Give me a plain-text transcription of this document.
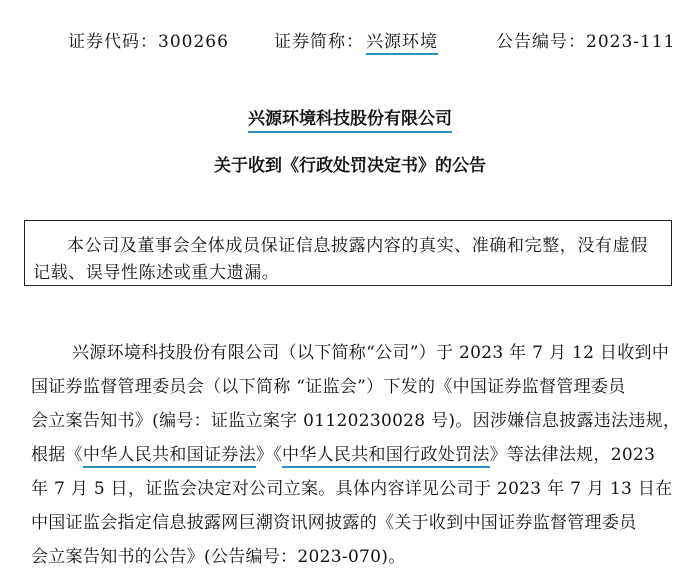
证券代码：300266	证券简称： 兴源环境	公告编号：2023-111
兴源环境科技股份有限公司
关于收到《行政处罚决定书》的公告
本公司及董事会全体成员保证信息披露内容的真实、准确和完整，没有虚假
记载、误导性陈述或重大遗漏。
兴源环境科技股份有限公司（以下简称“公司”）于 2023 年 7 月 12 日收到中
国证券监督管理委员会（以下简称 “证监会”）下发的《中国证券监督管理委员
会立案告知书》(编号：证监立案字 01120230028 号)。因涉嫌信息披露违法违规，
根据《中华人民共和国证券法》《中华人民共和国行政处罚法》等法律法规，2023
年 7 月 5 日，证监会决定对公司立案。具体内容详见公司于 2023 年 7 月 13 日在
中国证监会指定信息披露网巨潮资讯网披露的《关于收到中国证券监督管理委员
会立案告知书的公告》(公告编号：2023-070)。
